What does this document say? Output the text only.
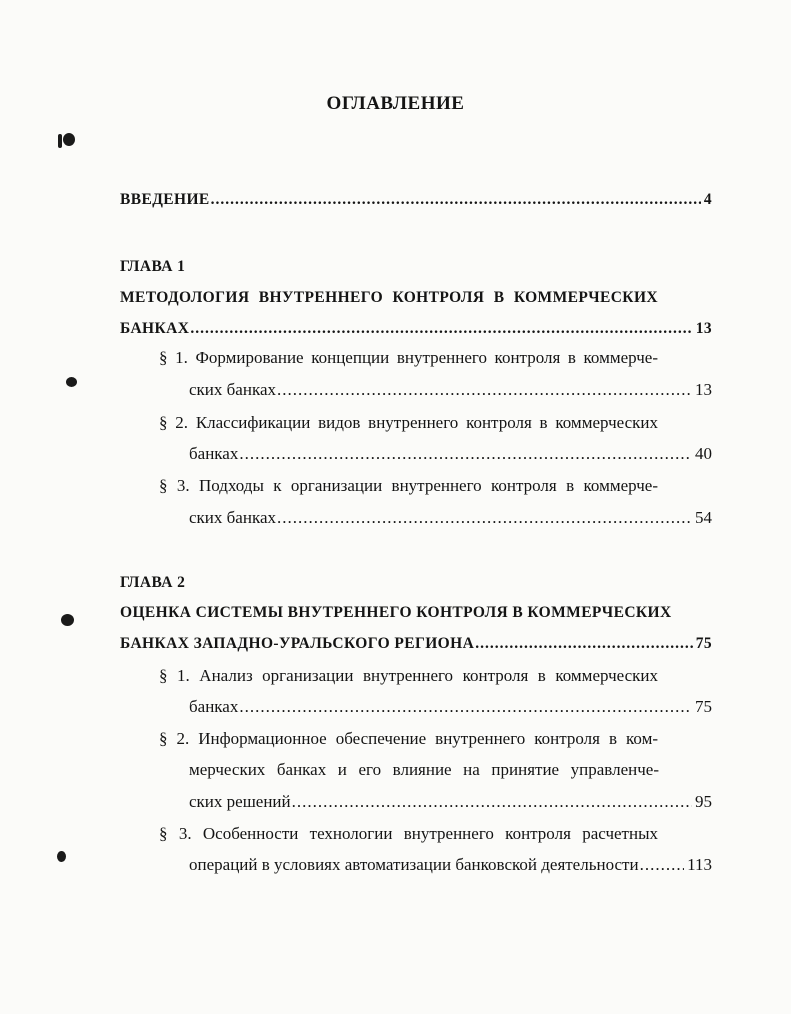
ОГЛАВЛЕНИЕ
ВВЕДЕНИЕ .....	4
ГЛАВА 1
МЕТОДОЛОГИЯ ВНУТРЕННЕГО КОНТРОЛЯ В КОММЕРЧЕСКИХ
БАНКАХ .....	13
§ 1. Формирование концепции внутреннего контроля в коммерче-
ских банках .....	13
§ 2. Классификации видов внутреннего контроля в коммерческих
банках .....	40
§ 3. Подходы к организации внутреннего контроля в коммерче-
ских банках .....	54
ГЛАВА 2
ОЦЕНКА СИСТЕМЫ ВНУТРЕННЕГО КОНТРОЛЯ В КОММЕРЧЕСКИХ
БАНКАХ ЗАПАДНО-УРАЛЬСКОГО РЕГИОНА .....	75
§ 1. Анализ организации внутреннего контроля в коммерческих
банках .....	75
§ 2. Информационное обеспечение внутреннего контроля в ком-
мерческих банках и его влияние на принятие управленче-
ских решений .....	95
§ 3. Особенности технологии внутреннего контроля расчетных
операций в условиях автоматизации банковской деятельности .....	113
